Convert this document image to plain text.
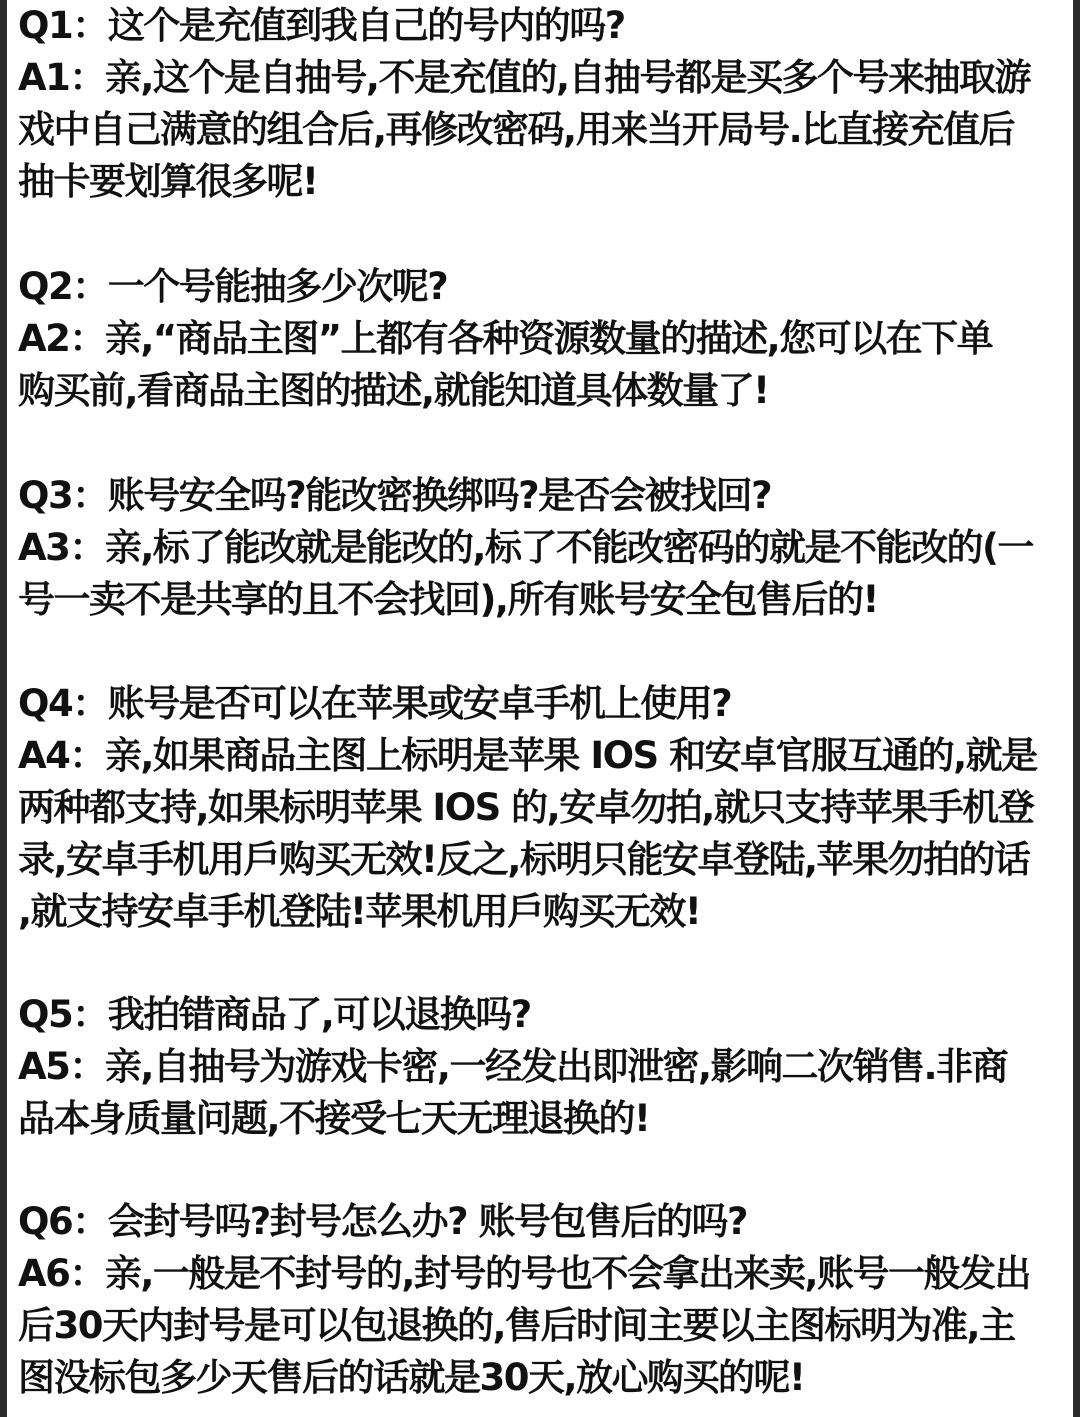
Q1：这个是充值到我自己的号内的吗?

A1：亲,这个是自抽号,不是充值的,自抽号都是买多个号来抽取游

戏中自己满意的组合后,再修改密码,用来当开局号.比直接充值后

抽卡要划算很多呢!

Q2：一个号能抽多少次呢?

A2：亲,“商品主图”上都有各种资源数量的描述,您可以在下单

购买前,看商品主图的描述,就能知道具体数量了!

Q3：账号安全吗?能改密换绑吗?是否会被找回?

A3：亲,标了能改就是能改的,标了不能改密码的就是不能改的(一

号一卖不是共享的且不会找回),所有账号安全包售后的!

Q4：账号是否可以在苹果或安卓手机上使用?

A4：亲,如果商品主图上标明是苹果 IOS 和安卓官服互通的,就是

两种都支持,如果标明苹果 IOS 的,安卓勿拍,就只支持苹果手机登

录,安卓手机用戶购买无效!反之,标明只能安卓登陆,苹果勿拍的话

,就支持安卓手机登陆!苹果机用戶购买无效!

Q5：我拍错商品了,可以退换吗?

A5：亲,自抽号为游戏卡密,一经发出即泄密,影响二次销售.非商

品本身质量问题,不接受七天无理退换的!

Q6：会封号吗?封号怎么办? 账号包售后的吗?

A6：亲,一般是不封号的,封号的号也不会拿出来卖,账号一般发出

后30天内封号是可以包退换的,售后时间主要以主图标明为准,主

图没标包多少天售后的话就是30天,放心购买的呢!
